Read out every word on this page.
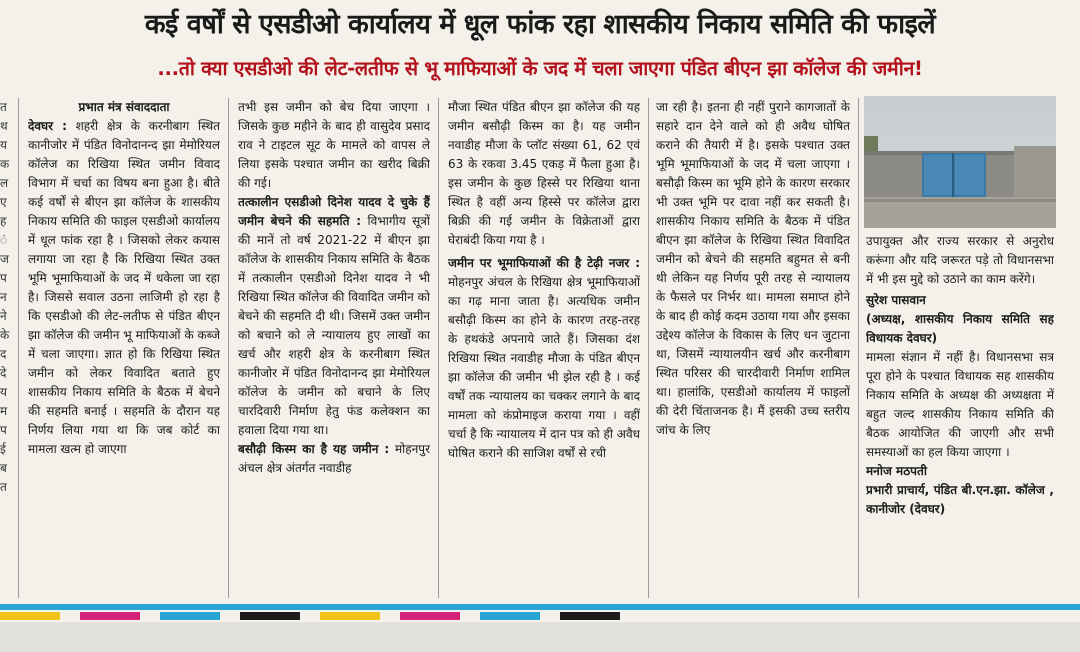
कई वर्षों से एसडीओ कार्यालय में धूल फांक रहा शासकीय निकाय समिति की फाइलें
...तो क्या एसडीओ की लेट-लतीफ से भू माफियाओं के जद में चला जाएगा पंडित बीएन झा कॉलेज की जमीन!
त
थ
य
क
ल
ए
ह
ं
ज
प
न
ने
के
द
दे
य
म
प
ई
ब
त
प्रभात मंत्र संवाददाता

देवघर : शहरी क्षेत्र के करनीबाग स्थित कानीजोर में पंडित विनोदानन्द झा मेमोरियल कॉलेज का रिखिया स्थित जमीन विवाद विभाग में चर्चा का विषय बना हुआ है। बीते कई वर्षों से बीएन झा कॉलेज के शासकीय निकाय समिति की फाइल एसडीओ कार्यालय में धूल फांक रहा है । जिसको लेकर कयास लगाया जा रहा है कि रिखिया स्थित उक्त भूमि भूमाफियाओं के जद में धकेला जा रहा है। जिससे सवाल उठना लाजिमी हो रहा है कि एसडीओ की लेट-लतीफ से पंडित बीएन झा कॉलेज की जमीन भू माफियाओं के कब्जे में चला जाएगा। ज्ञात हो कि रिखिया स्थित जमीन को लेकर विवादित बताते हुए शासकीय निकाय समिति के बैठक में बेचने की सहमति बनाई । सहमति के दौरान यह निर्णय लिया गया था कि जब कोर्ट का मामला खत्म हो जाएगा

तभी इस जमीन को बेच दिया जाएगा । जिसके कुछ महीने के बाद ही वासुदेव प्रसाद राव ने टाइटल सूट के मामले को वापस ले लिया इसके पश्चात जमीन का खरीद बिक्री की गई।

तत्कालीन एसडीओ दिनेश यादव दे चुके हैं जमीन बेचने की सहमति : विभागीय सूत्रों की मानें तो वर्ष 2021-22 में बीएन झा कॉलेज के शासकीय निकाय समिति के बैठक में तत्कालीन एसडीओ दिनेश यादव ने भी रिखिया स्थित कॉलेज की विवादित जमीन को बेचने की सहमति दी थी। जिसमें उक्त जमीन को बचाने को ले न्यायालय हुए लाखों का खर्च और शहरी क्षेत्र के करनीबाग स्थित कानीजोर में पंडित विनोदानन्द झा मेमोरियल कॉलेज के जमीन को बचाने के लिए चारदिवारी निर्माण हेतु फंड कलेक्शन का हवाला दिया गया था।

बसौढ़ी किस्म का है यह जमीन : मोहनपुर अंचल क्षेत्र अंतर्गत नवाडीह

मौजा स्थित पंडित बीएन झा कॉलेज की यह जमीन बसौढ़ी किस्म का है। यह जमीन नवाडीह मौजा के प्लॉट संख्या 61, 62 एवं 63 के रकवा 3.45 एकड़ में फैला हुआ है। इस जमीन के कुछ हिस्से पर रिखिया थाना स्थित है वहीं अन्य हिस्से पर कॉलेज द्वारा बिक्री की गई जमीन के विक्रेताओं द्वारा घेराबंदी किया गया है ।

जमीन पर भूमाफियाओं की है टेढ़ी नजर : मोहनपुर अंचल के रिखिया क्षेत्र भूमाफियाओं का गढ़ माना जाता है। अत्यधिक जमीन बसौढ़ी किस्म का होने के कारण तरह-तरह के हथकंडे अपनाये जाते हैं। जिसका दंश रिखिया स्थित नवाडीह मौजा के पंडित बीएन झा कॉलेज की जमीन भी झेल रही है । कई वर्षों तक न्यायालय का चक्कर लगाने के बाद मामला को कंप्रोमाइज कराया गया । वहीं चर्चा है कि न्यायालय में दान पत्र को ही अवैध घोषित कराने की साजिश वर्षों से रची

जा रही है। इतना ही नहीं पुराने कागजातों के सहारे दान देने वाले को ही अवैध घोषित कराने की तैयारी में है। इसके पश्चात उक्त भूमि भूमाफियाओं के जद में चला जाएगा । बसौढ़ी किस्म का भूमि होने के कारण सरकार भी उक्त भूमि पर दावा नहीं कर सकती है। शासकीय निकाय समिति के बैठक में पंडित बीएन झा कॉलेज के रिखिया स्थित विवादित जमीन को बेचने की सहमति बहुमत से बनी थी लेकिन यह निर्णय पूरी तरह से न्यायालय के फैसले पर निर्भर था। मामला समाप्त होने के बाद ही कोई कदम उठाया गया और इसका उद्देश्य कॉलेज के विकास के लिए धन जुटाना था, जिसमें न्यायालयीन खर्च और करनीबाग स्थित परिसर की चारदीवारी निर्माण शामिल था। हालांकि, एसडीओ कार्यालय में फाइलों की देरी चिंताजनक है। मैं इसकी उच्च स्तरीय जांच के लिए

उपायुक्त और राज्य सरकार से अनुरोध करूंगा और यदि जरूरत पड़े तो विधानसभा में भी इस मुद्दे को उठाने का काम करेंगे।

सुरेश पासवान

(अध्यक्ष, शासकीय निकाय समिति सह विधायक देवघर)

मामला संज्ञान में नहीं है। विधानसभा सत्र पूरा होने के पश्चात विधायक सह शासकीय निकाय समिति के अध्यक्ष की अध्यक्षता में बहुत जल्द शासकीय निकाय समिति की बैठक आयोजित की जाएगी और सभी समस्याओं का हल किया जाएगा ।

मनोज मठपती

प्रभारी प्राचार्य, पंडित बी.एन.झा. कॉलेज , कानीजोर (देवघर)
